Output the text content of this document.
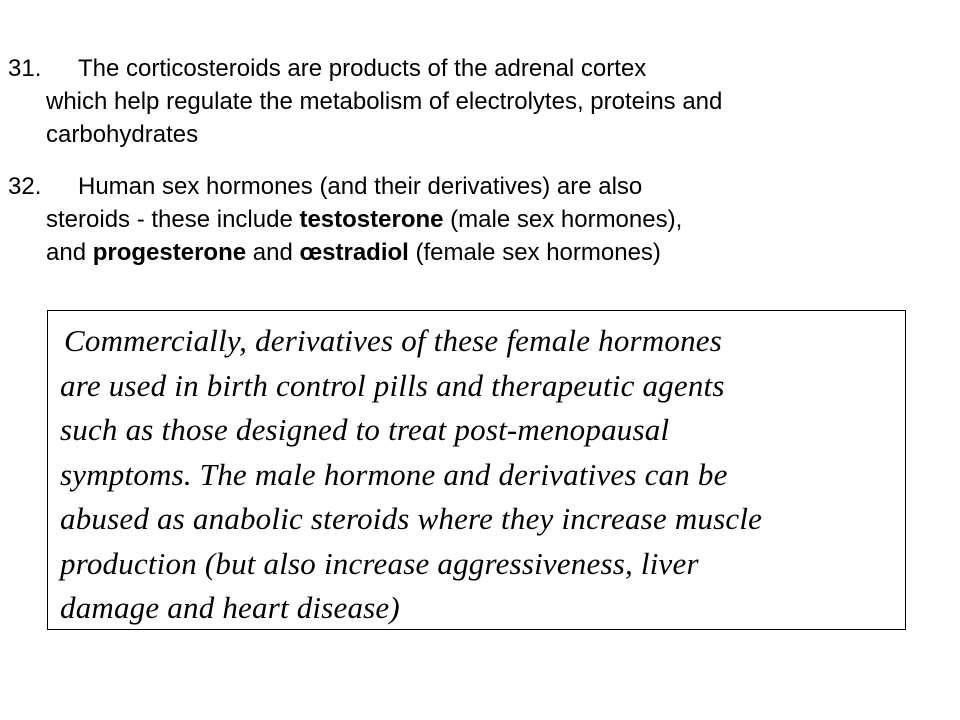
31. The corticosteroids are products of the adrenal cortex
which help regulate the metabolism of electrolytes, proteins and
carbohydrates
32. Human sex hormones (and their derivatives) are also
steroids - these include testosterone (male sex hormones),
and progesterone and œstradiol (female sex hormones)
Commercially, derivatives of these female hormones
are used in birth control pills and therapeutic agents
such as those designed to treat post-menopausal
symptoms. The male hormone and derivatives can be
abused as anabolic steroids where they increase muscle
production (but also increase aggressiveness, liver
damage and heart disease)
